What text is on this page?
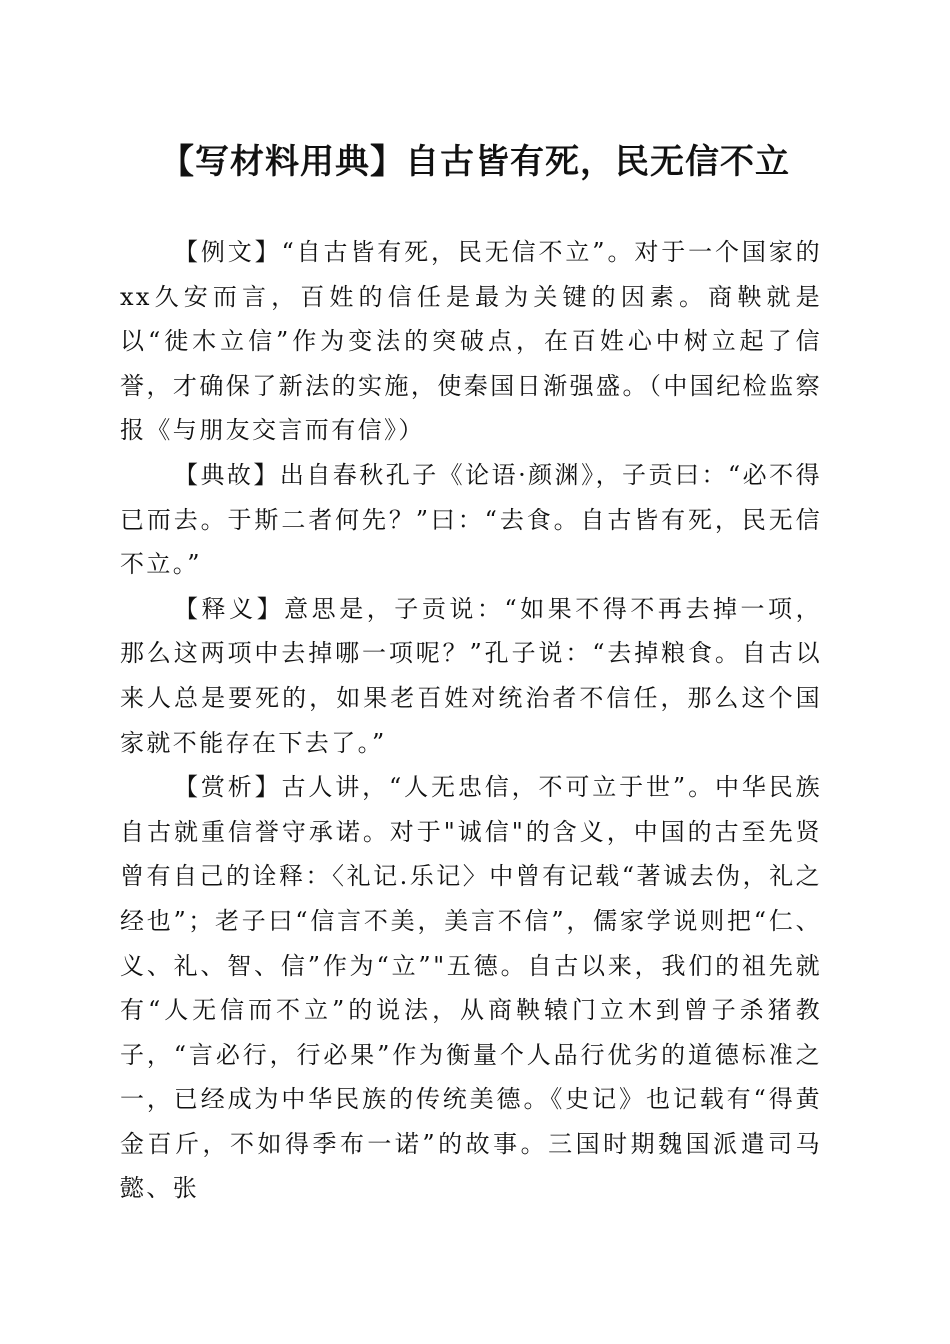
【写材料用典】自古皆有死，民无信不立

【例文】“自古皆有死，民无信不立”。对于一个国家的xx久安而言，百姓的信任是最为关键的因素。商鞅就是以“徙木立信”作为变法的突破点，在百姓心中树立起了信誉，才确保了新法的实施，使秦国日渐强盛。（中国纪检监察报《与朋友交言而有信》）

【典故】出自春秋孔子《论语·颜渊》，子贡曰：“必不得已而去。于斯二者何先？”曰：“去食。自古皆有死，民无信不立。”

【释义】意思是，子贡说：“如果不得不再去掉一项，那么这两项中去掉哪一项呢？”孔子说：“去掉粮食。自古以来人总是要死的，如果老百姓对统治者不信任，那么这个国家就不能存在下去了。”

【赏析】古人讲，“人无忠信，不可立于世”。中华民族自古就重信誉守承诺。对于"诚信"的含义，中国的古至先贤曾有自己的诠释：〈礼记.乐记〉中曾有记载“著诚去伪，礼之经也”；老子曰“信言不美，美言不信”，儒家学说则把“仁、义、礼、智、信”作为“立”"五德。自古以来，我们的祖先就有“人无信而不立”的说法，从商鞅辕门立木到曾子杀猪教子，“言必行，行必果”作为衡量个人品行优劣的道德标准之一，已经成为中华民族的传统美德。《史记》也记载有“得黄金百斤，不如得季布一诺”的故事。三国时期魏国派遣司马懿、张
